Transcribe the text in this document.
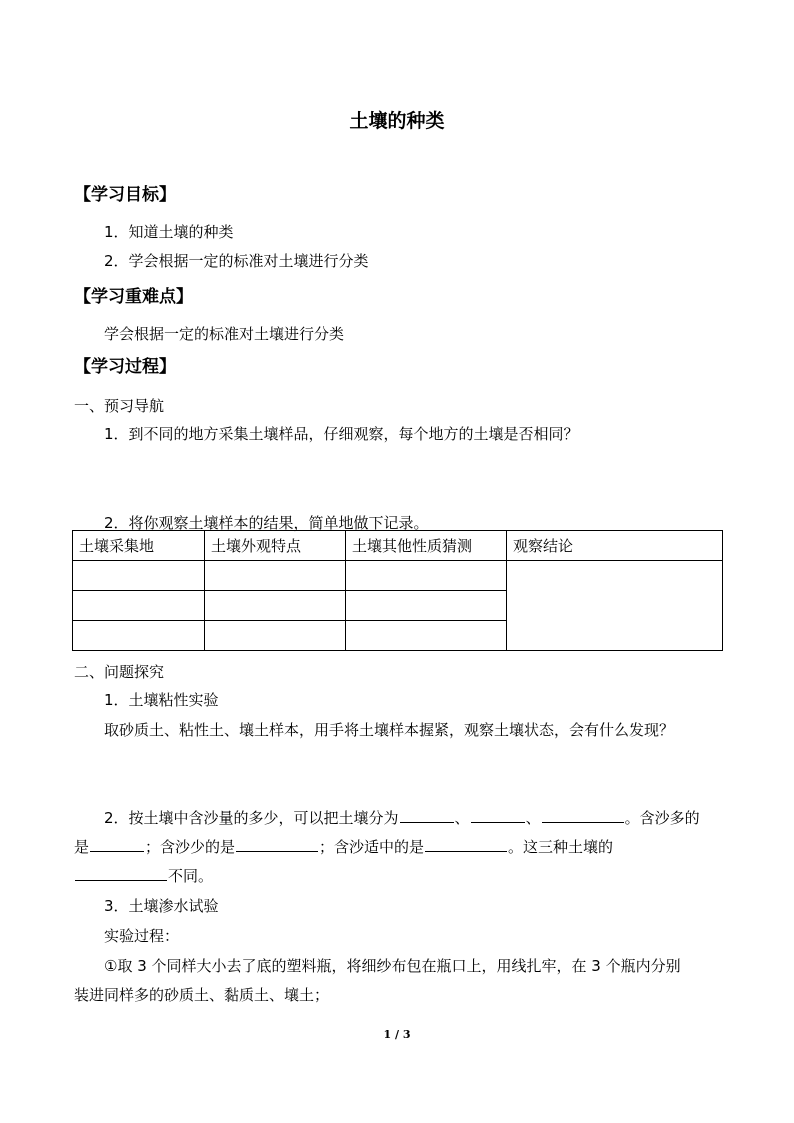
土壤的种类
【学习目标】
1．知道土壤的种类
2．学会根据一定的标准对土壤进行分类
【学习重难点】
学会根据一定的标准对土壤进行分类
【学习过程】
一、预习导航
1．到不同的地方采集土壤样品，仔细观察，每个地方的土壤是否相同？
2．将你观察土壤样本的结果，简单地做下记录。
土壤采集地	土壤外观特点	土壤其他性质猜测	观察结论

二、问题探究
1．土壤粘性实验
取砂质土、粘性土、壤土样本，用手将土壤样本握紧，观察土壤状态，会有什么发现？
2．按土壤中含沙量的多少，可以把土壤分为	、	、	。含沙多的
是	；含沙少的是	；含沙适中的是	。这三种土壤的
不同。
3．土壤渗水试验
实验过程：
①取 3 个同样大小去了底的塑料瓶，将细纱布包在瓶口上，用线扎牢，在 3 个瓶内分别
装进同样多的砂质土、黏质土、壤土；
1 / 3
